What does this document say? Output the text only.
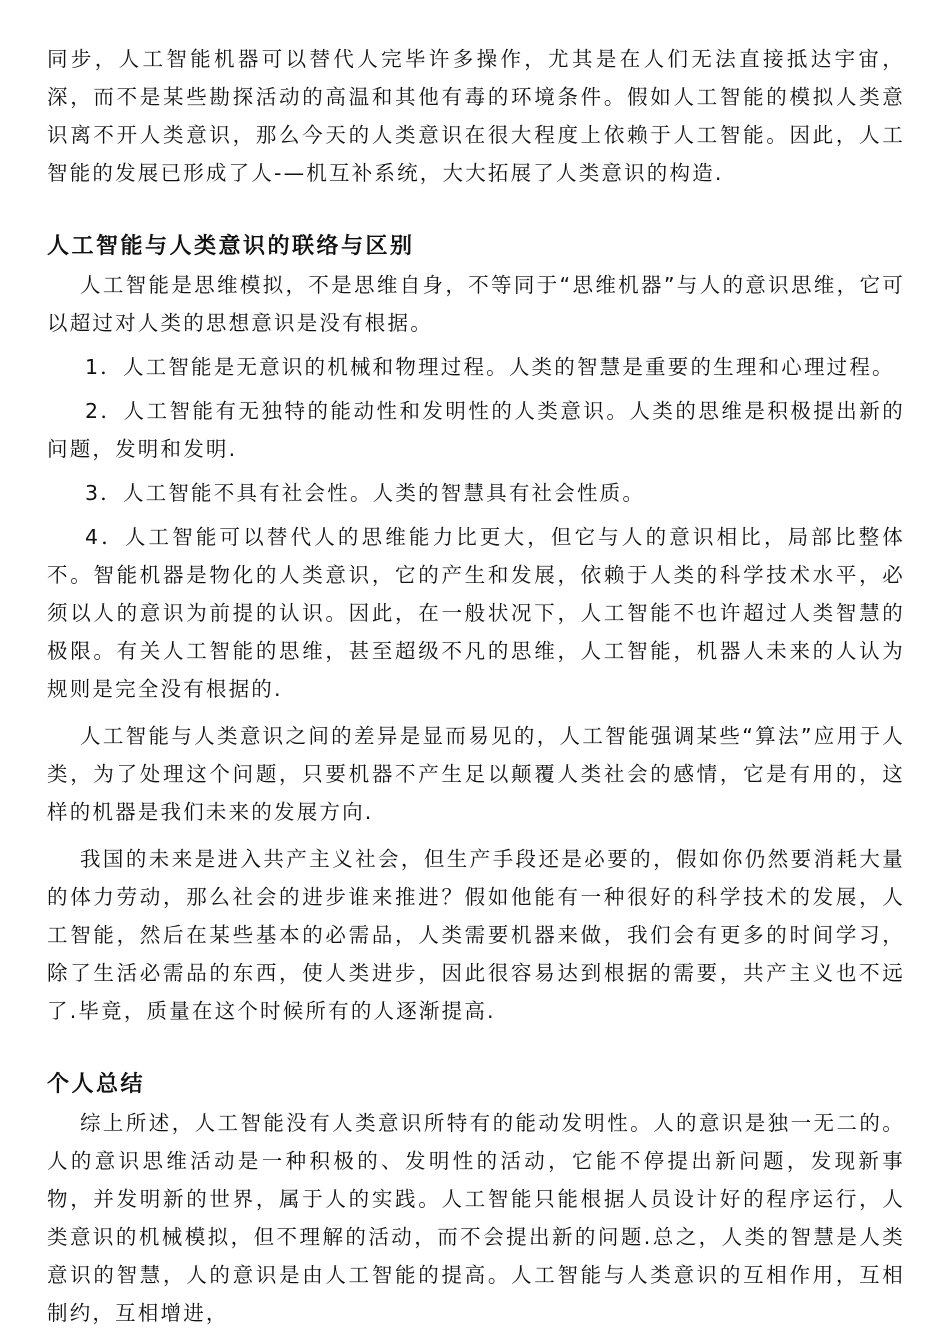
同步，人工智能机器可以替代人完毕许多操作，尤其是在人们无法直接抵达宇宙，深，而不是某些勘探活动的高温和其他有毒的环境条件。假如人工智能的模拟人类意识离不开人类意识，那么今天的人类意识在很大程度上依赖于人工智能。因此，人工智能的发展已形成了人-—机互补系统，大大拓展了人类意识的构造.

人工智能与人类意识的联络与区别

人工智能是思维模拟，不是思维自身，不等同于“思维机器”与人的意识思维，它可以超过对人类的思想意识是没有根据。

1．人工智能是无意识的机械和物理过程。人类的智慧是重要的生理和心理过程。

2．人工智能有无独特的能动性和发明性的人类意识。人类的思维是积极提出新的问题，发明和发明.

3．人工智能不具有社会性。人类的智慧具有社会性质。

4．人工智能可以替代人的思维能力比更大，但它与人的意识相比，局部比整体不。智能机器是物化的人类意识，它的产生和发展，依赖于人类的科学技术水平，必须以人的意识为前提的认识。因此，在一般状况下，人工智能不也许超过人类智慧的极限。有关人工智能的思维，甚至超级不凡的思维，人工智能，机器人未来的人认为规则是完全没有根据的.

人工智能与人类意识之间的差异是显而易见的，人工智能强调某些“算法”应用于人类，为了处理这个问题，只要机器不产生足以颠覆人类社会的感情，它是有用的，这样的机器是我们未来的发展方向.

我国的未来是进入共产主义社会，但生产手段还是必要的，假如你仍然要消耗大量的体力劳动，那么社会的进步谁来推进？假如他能有一种很好的科学技术的发展，人工智能，然后在某些基本的必需品，人类需要机器来做，我们会有更多的时间学习，除了生活必需品的东西，使人类进步，因此很容易达到根据的需要，共产主义也不远了.毕竟，质量在这个时候所有的人逐渐提高.

个人总结

综上所述，人工智能没有人类意识所特有的能动发明性。人的意识是独一无二的。人的意识思维活动是一种积极的、发明性的活动，它能不停提出新问题，发现新事物，并发明新的世界，属于人的实践。人工智能只能根据人员设计好的程序运行，人类意识的机械模拟，但不理解的活动，而不会提出新的问题.总之，人类的智慧是人类意识的智慧，人的意识是由人工智能的提高。人工智能与人类意识的互相作用，互相制约，互相增进，
